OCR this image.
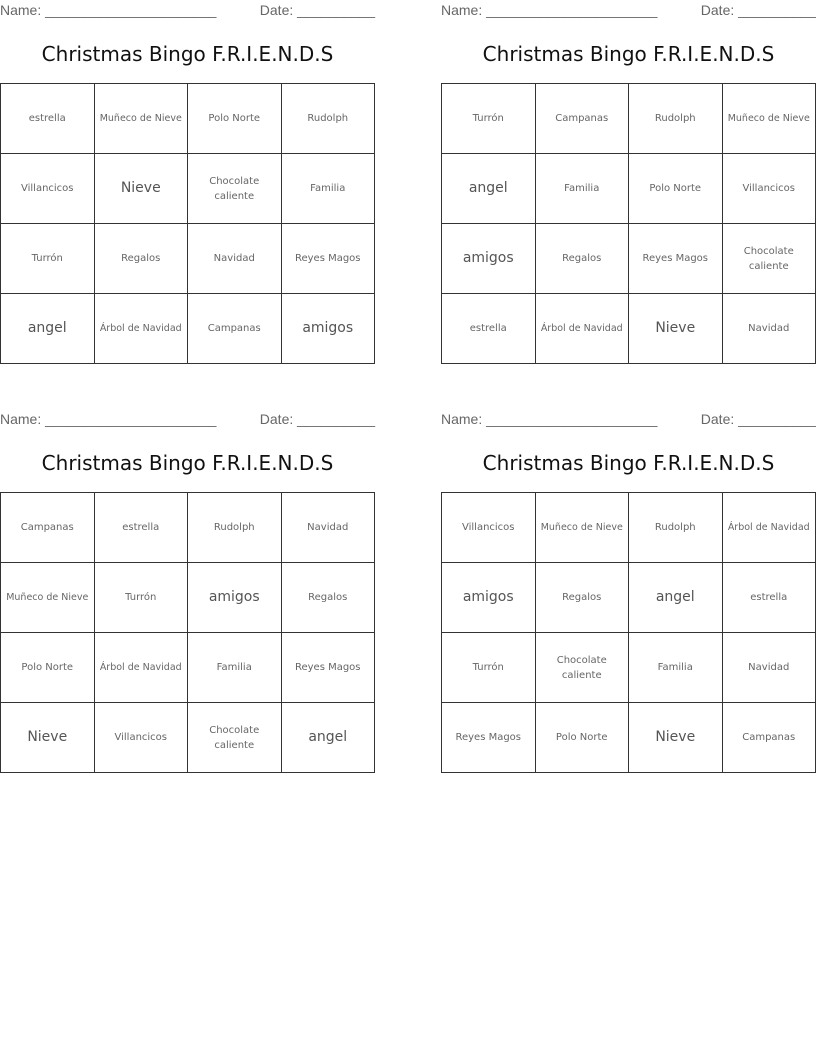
Name: ______________________	Date: __________
Christmas Bingo F.R.I.E.N.D.S
estrella	Muñeco de Nieve	Polo Norte	Rudolph
Villancicos	Nieve	Chocolate caliente	Familia
Turrón	Regalos	Navidad	Reyes Magos
angel	Árbol de Navidad	Campanas	amigos
Name: ______________________	Date: __________
Christmas Bingo F.R.I.E.N.D.S
Turrón	Campanas	Rudolph	Muñeco de Nieve
angel	Familia	Polo Norte	Villancicos
amigos	Regalos	Reyes Magos	Chocolate caliente
estrella	Árbol de Navidad	Nieve	Navidad
Name: ______________________	Date: __________
Christmas Bingo F.R.I.E.N.D.S
Campanas	estrella	Rudolph	Navidad
Muñeco de Nieve	Turrón	amigos	Regalos
Polo Norte	Árbol de Navidad	Familia	Reyes Magos
Nieve	Villancicos	Chocolate caliente	angel
Name: ______________________	Date: __________
Christmas Bingo F.R.I.E.N.D.S
Villancicos	Muñeco de Nieve	Rudolph	Árbol de Navidad
amigos	Regalos	angel	estrella
Turrón	Chocolate caliente	Familia	Navidad
Reyes Magos	Polo Norte	Nieve	Campanas
